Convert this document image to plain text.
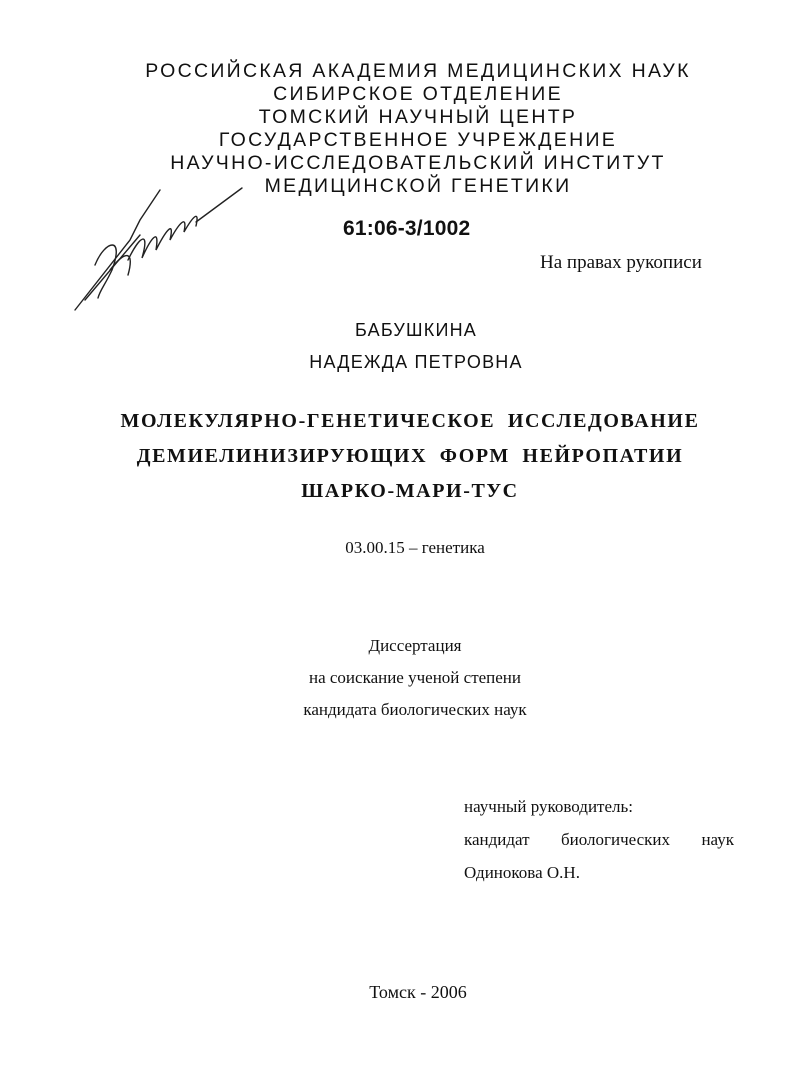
РОССИЙСКАЯ АКАДЕМИЯ МЕДИЦИНСКИХ НАУК
СИБИРСКОЕ ОТДЕЛЕНИЕ
ТОМСКИЙ НАУЧНЫЙ ЦЕНТР
ГОСУДАРСТВЕННОЕ УЧРЕЖДЕНИЕ
НАУЧНО-ИССЛЕДОВАТЕЛЬСКИЙ ИНСТИТУТ
МЕДИЦИНСКОЙ ГЕНЕТИКИ
61:06-3/1002
На правах рукописи
БАБУШКИНА
НАДЕЖДА ПЕТРОВНА
МОЛЕКУЛЯРНО-ГЕНЕТИЧЕСКОЕ ИССЛЕДОВАНИЕ
ДЕМИЕЛИНИЗИРУЮЩИХ ФОРМ НЕЙРОПАТИИ
ШАРКО-МАРИ-ТУС
03.00.15 – генетика
Диссертация
на соискание ученой степени
кандидата биологических наук
научный руководитель:
кандидат биологических наук
Одинокова О.Н.
Томск - 2006
